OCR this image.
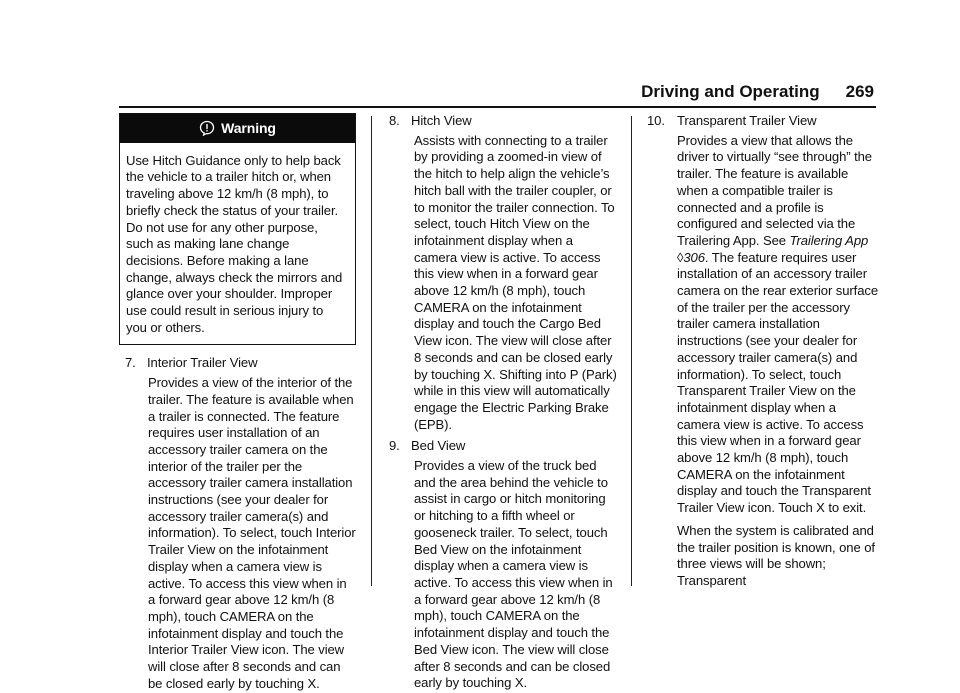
Driving and Operating 269
Warning

Use Hitch Guidance only to help back the vehicle to a trailer hitch or, when traveling above 12 km/h (8 mph), to briefly check the status of your trailer. Do not use for any other purpose, such as making lane change decisions. Before making a lane change, always check the mirrors and glance over your shoulder. Improper use could result in serious injury to you or others.

7. Interior Trailer View

Provides a view of the interior of the trailer. The feature is available when a trailer is connected. The feature requires user installation of an accessory trailer camera on the interior of the trailer per the accessory trailer camera installation instructions (see your dealer for accessory trailer camera(s) and information). To select, touch Interior Trailer View on the infotainment display when a camera view is active. To access this view when in a forward gear above 12 km/h (8 mph), touch CAMERA on the infotainment display and touch the Interior Trailer View icon. The view will close after 8 seconds and can be closed early by touching X.

8. Hitch View

Assists with connecting to a trailer by providing a zoomed-in view of the hitch to help align the vehicle’s hitch ball with the trailer coupler, or to monitor the trailer connection. To select, touch Hitch View on the infotainment display when a camera view is active. To access this view when in a forward gear above 12 km/h (8 mph), touch CAMERA on the infotainment display and touch the Cargo Bed View icon. The view will close after 8 seconds and can be closed early by touching X. Shifting into P (Park) while in this view will automatically engage the Electric Parking Brake (EPB).

9. Bed View

Provides a view of the truck bed and the area behind the vehicle to assist in cargo or hitch monitoring or hitching to a fifth wheel or gooseneck trailer. To select, touch Bed View on the infotainment display when a camera view is active. To access this view when in a forward gear above 12 km/h (8 mph), touch CAMERA on the infotainment display and touch the Bed View icon. The view will close after 8 seconds and can be closed early by touching X.

10. Transparent Trailer View

Provides a view that allows the driver to virtually “see through” the trailer. The feature is available when a compatible trailer is connected and a profile is configured and selected via the Trailering App. See Trailering App ◊306. The feature requires user installation of an accessory trailer camera on the rear exterior surface of the trailer per the accessory trailer camera installation instructions (see your dealer for accessory trailer camera(s) and information). To select, touch Transparent Trailer View on the infotainment display when a camera view is active. To access this view when in a forward gear above 12 km/h (8 mph), touch CAMERA on the infotainment display and touch the Transparent Trailer View icon. Touch X to exit.

When the system is calibrated and the trailer position is known, one of three views will be shown; Transparent
